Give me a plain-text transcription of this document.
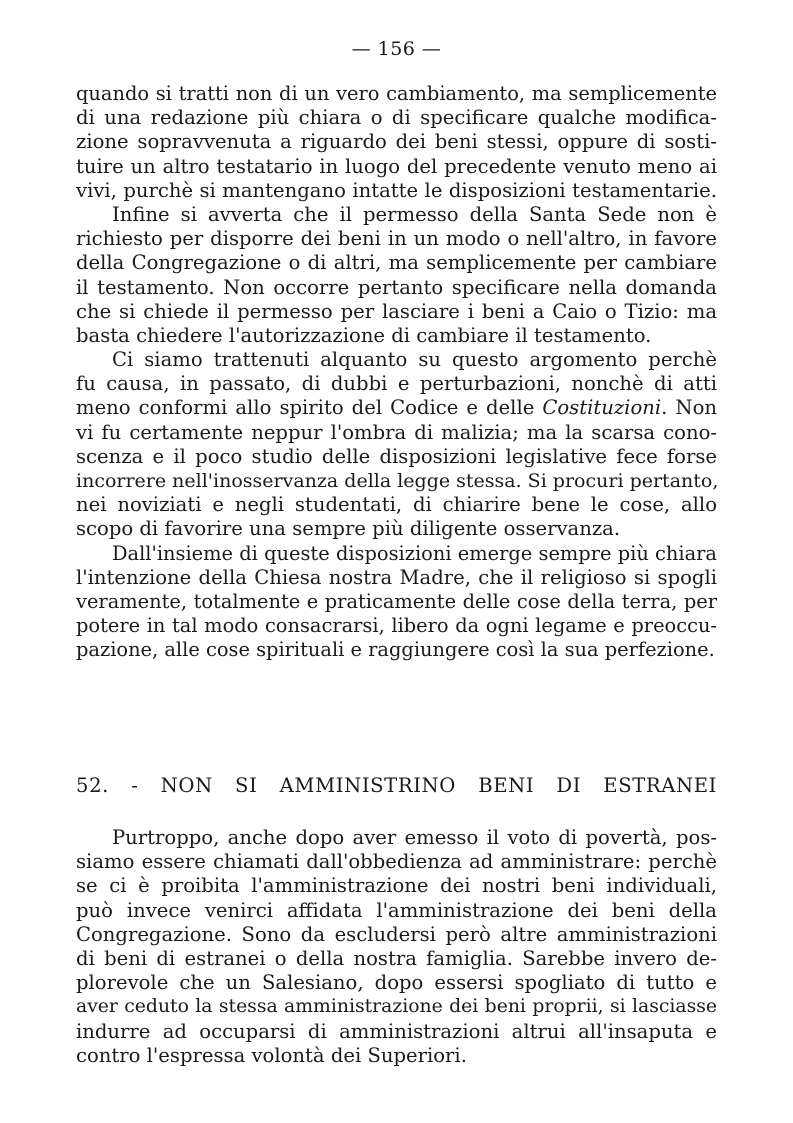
— 156 —
quando si tratti non di un vero cambiamento, ma semplicemente
di una redazione più chiara o di specificare qualche modifica-
zione sopravvenuta a riguardo dei beni stessi, oppure di sosti-
tuire un altro testatario in luogo del precedente venuto meno ai
vivi, purchè si mantengano intatte le disposizioni testamentarie.
Infine si avverta che il permesso della Santa Sede non è
richiesto per disporre dei beni in un modo o nell'altro, in favore
della Congregazione o di altri, ma semplicemente per cambiare
il testamento. Non occorre pertanto specificare nella domanda
che si chiede il permesso per lasciare i beni a Caio o Tizio: ma
basta chiedere l'autorizzazione di cambiare il testamento.
Ci siamo trattenuti alquanto su questo argomento perchè
fu causa, in passato, di dubbi e perturbazioni, nonchè di atti
meno conformi allo spirito del Codice e delle Costituzioni. Non
vi fu certamente neppur l'ombra di malizia; ma la scarsa cono-
scenza e il poco studio delle disposizioni legislative fece forse
incorrere nell'inosservanza della legge stessa. Si procuri pertanto,
nei noviziati e negli studentati, di chiarire bene le cose, allo
scopo di favorire una sempre più diligente osservanza.
Dall'insieme di queste disposizioni emerge sempre più chiara
l'intenzione della Chiesa nostra Madre, che il religioso si spogli
veramente, totalmente e praticamente delle cose della terra, per
potere in tal modo consacrarsi, libero da ogni legame e preoccu-
pazione, alle cose spirituali e raggiungere così la sua perfezione.
52. - NON SI AMMINISTRINO BENI DI ESTRANEI
Purtroppo, anche dopo aver emesso il voto di povertà, pos-
siamo essere chiamati dall'obbedienza ad amministrare: perchè
se ci è proibita l'amministrazione dei nostri beni individuali,
può invece venirci affidata l'amministrazione dei beni della
Congregazione. Sono da escludersi però altre amministrazioni
di beni di estranei o della nostra famiglia. Sarebbe invero de-
plorevole che un Salesiano, dopo essersi spogliato di tutto e
aver ceduto la stessa amministrazione dei beni proprii, si lasciasse
indurre ad occuparsi di amministrazioni altrui all'insaputa e
contro l'espressa volontà dei Superiori.
